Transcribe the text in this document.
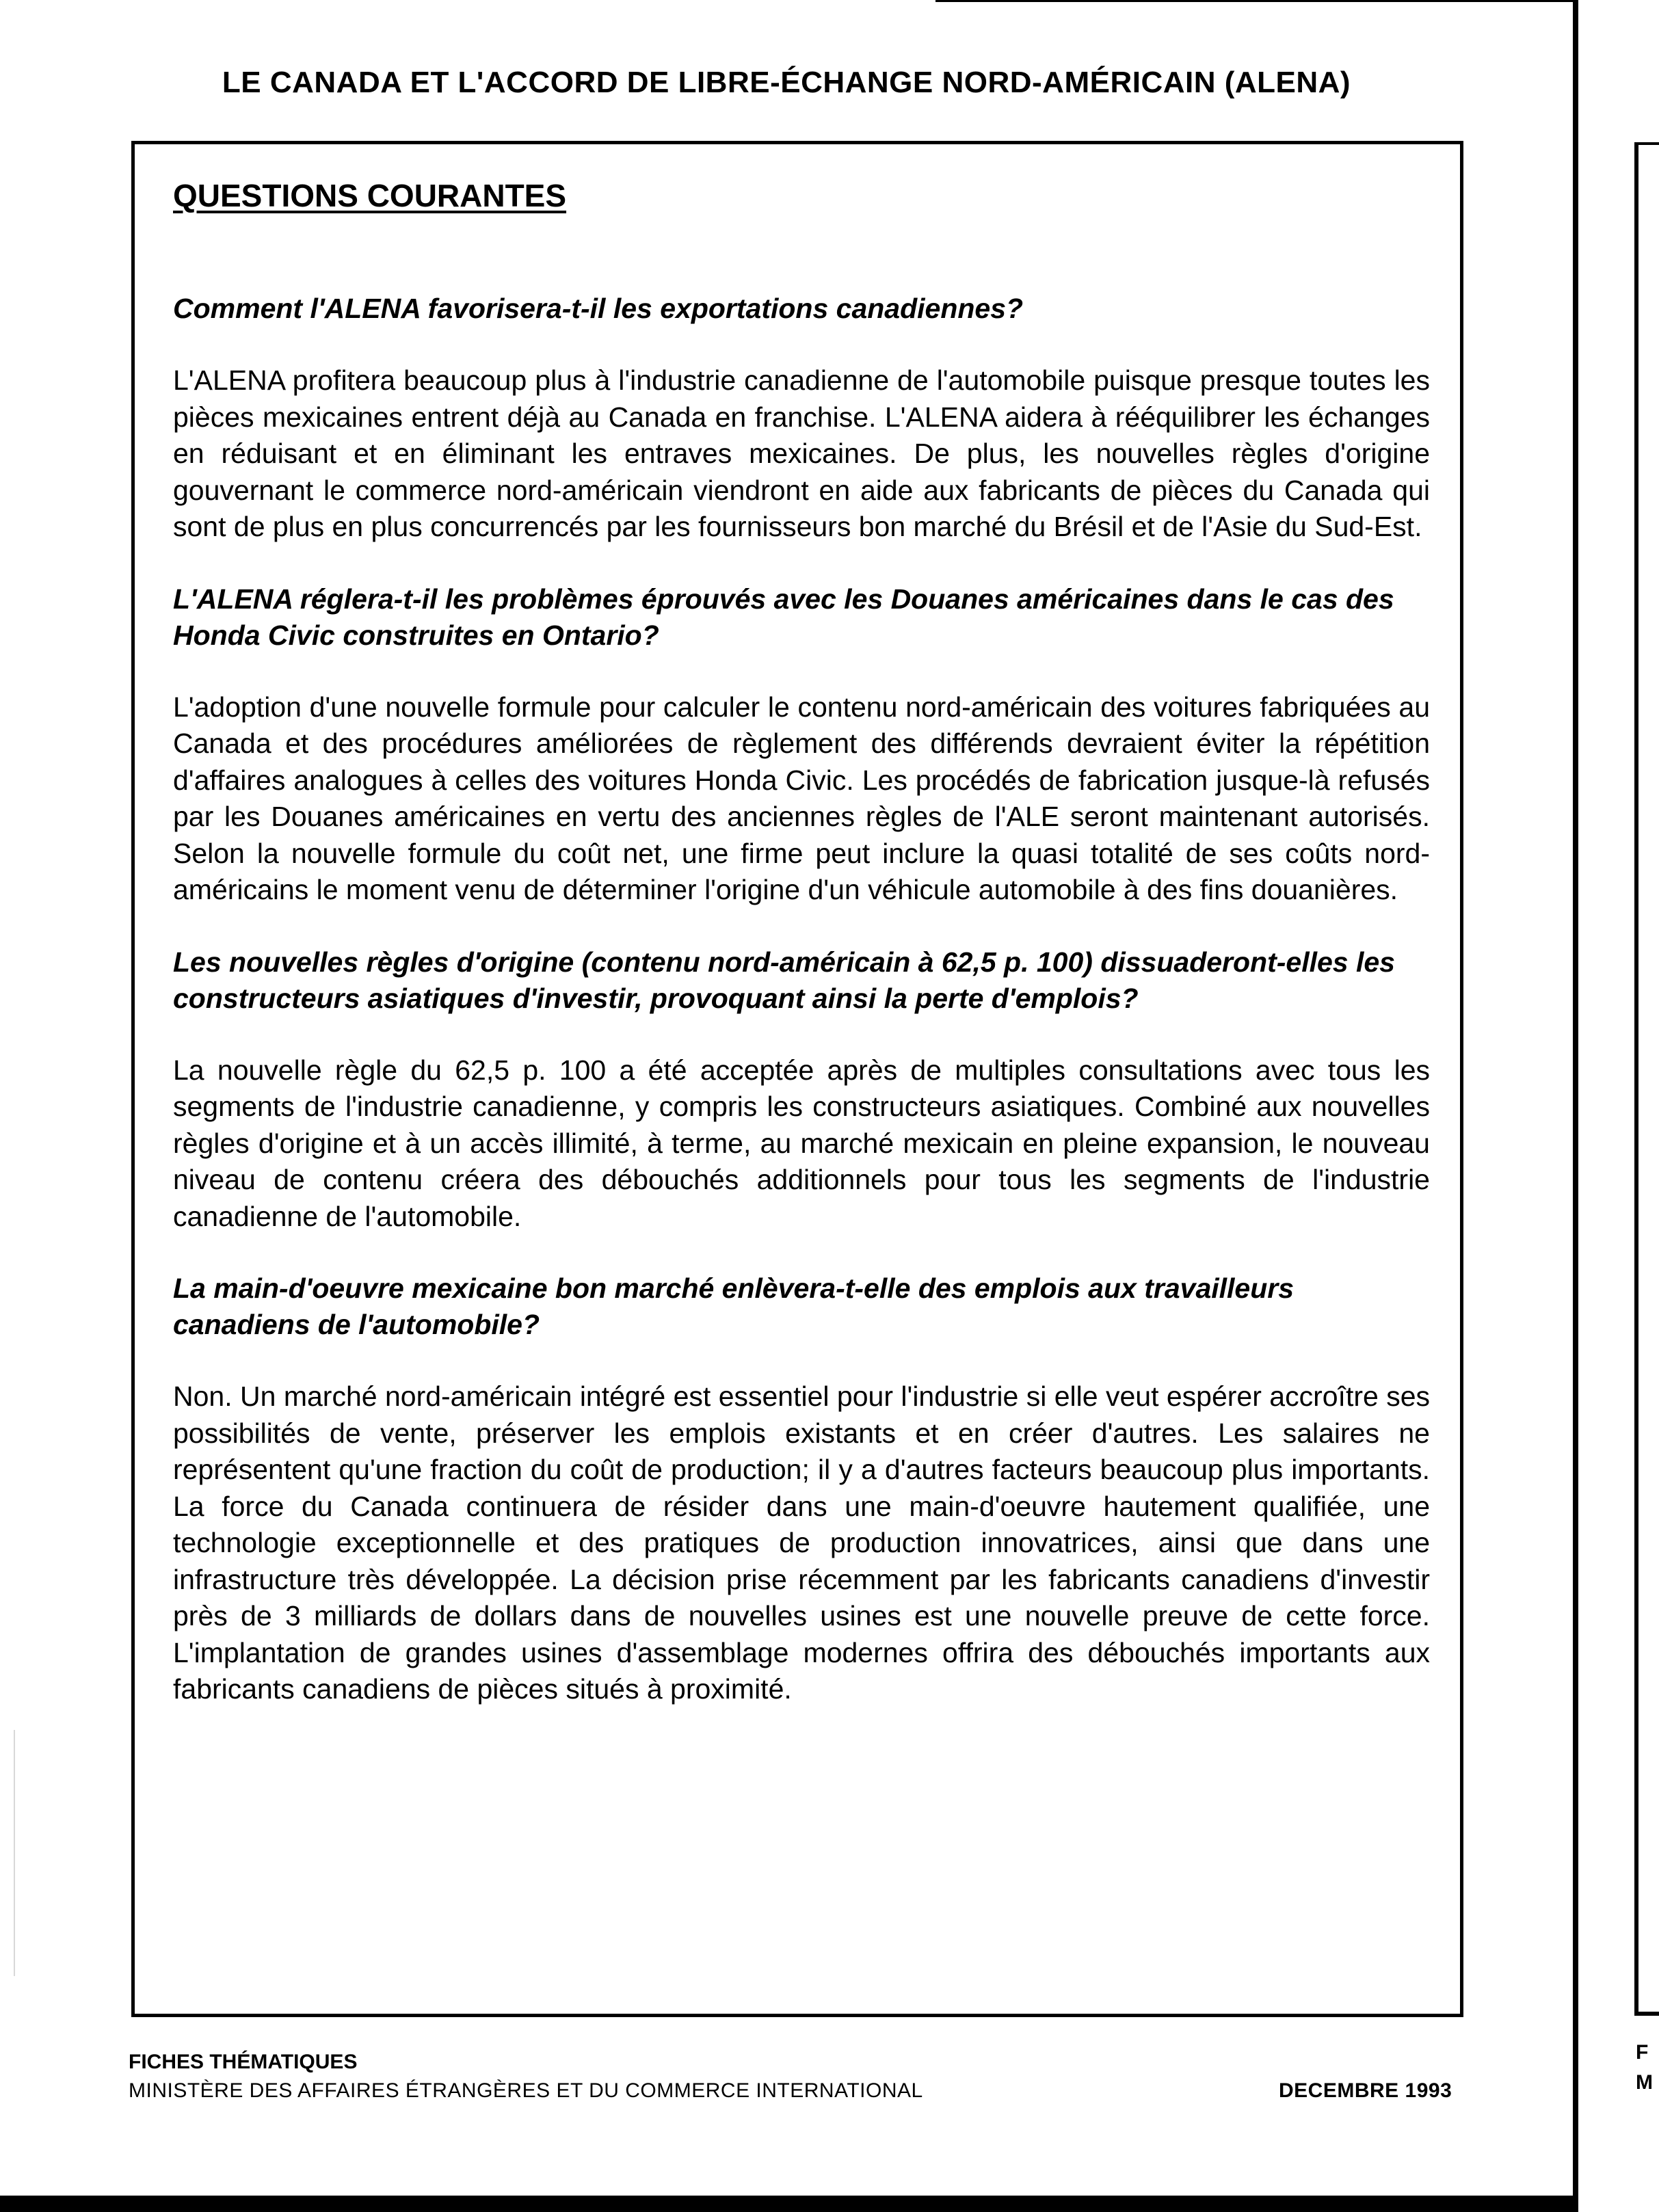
F
M
LE CANADA ET L'ACCORD DE LIBRE-ÉCHANGE NORD-AMÉRICAIN (ALENA)
QUESTIONS COURANTES

Comment l'ALENA favorisera-t-il les exportations canadiennes?

L'ALENA profitera beaucoup plus à l'industrie canadienne de l'automobile puisque presque toutes les pièces mexicaines entrent déjà au Canada en franchise. L'ALENA aidera à rééquilibrer les échanges en réduisant et en éliminant les entraves mexicaines. De plus, les nouvelles règles d'origine gouvernant le commerce nord-américain viendront en aide aux fabricants de pièces du Canada qui sont de plus en plus concurrencés par les fournisseurs bon marché du Brésil et de l'Asie du Sud-Est.

L'ALENA réglera-t-il les problèmes éprouvés avec les Douanes américaines dans le cas des Honda Civic construites en Ontario?

L'adoption d'une nouvelle formule pour calculer le contenu nord-américain des voitures fabriquées au Canada et des procédures améliorées de règlement des différends devraient éviter la répétition d'affaires analogues à celles des voitures Honda Civic. Les procédés de fabrication jusque-là refusés par les Douanes américaines en vertu des anciennes règles de l'ALE seront maintenant autorisés. Selon la nouvelle formule du coût net, une firme peut inclure la quasi totalité de ses coûts nord-américains le moment venu de déterminer l'origine d'un véhicule automobile à des fins douanières.

Les nouvelles règles d'origine (contenu nord-américain à 62,5 p. 100) dissuaderont-elles les constructeurs asiatiques d'investir, provoquant ainsi la perte d'emplois?

La nouvelle règle du 62,5 p. 100 a été acceptée après de multiples consultations avec tous les segments de l'industrie canadienne, y compris les constructeurs asiatiques. Combiné aux nouvelles règles d'origine et à un accès illimité, à terme, au marché mexicain en pleine expansion, le nouveau niveau de contenu créera des débouchés additionnels pour tous les segments de l'industrie canadienne de l'automobile.

La main-d'oeuvre mexicaine bon marché enlèvera-t-elle des emplois aux travailleurs canadiens de l'automobile?

Non. Un marché nord-américain intégré est essentiel pour l'industrie si elle veut espérer accroître ses possibilités de vente, préserver les emplois existants et en créer d'autres. Les salaires ne représentent qu'une fraction du coût de production; il y a d'autres facteurs beaucoup plus importants. La force du Canada continuera de résider dans une main-d'oeuvre hautement qualifiée, une technologie exceptionnelle et des pratiques de production innovatrices, ainsi que dans une infrastructure très développée. La décision prise récemment par les fabricants canadiens d'investir près de 3 milliards de dollars dans de nouvelles usines est une nouvelle preuve de cette force. L'implantation de grandes usines d'assemblage modernes offrira des débouchés importants aux fabricants canadiens de pièces situés à proximité.

FICHES THÉMATIQUES
MINISTÈRE DES AFFAIRES ÉTRANGÈRES ET DU COMMERCE INTERNATIONAL	DECEMBRE 1993
